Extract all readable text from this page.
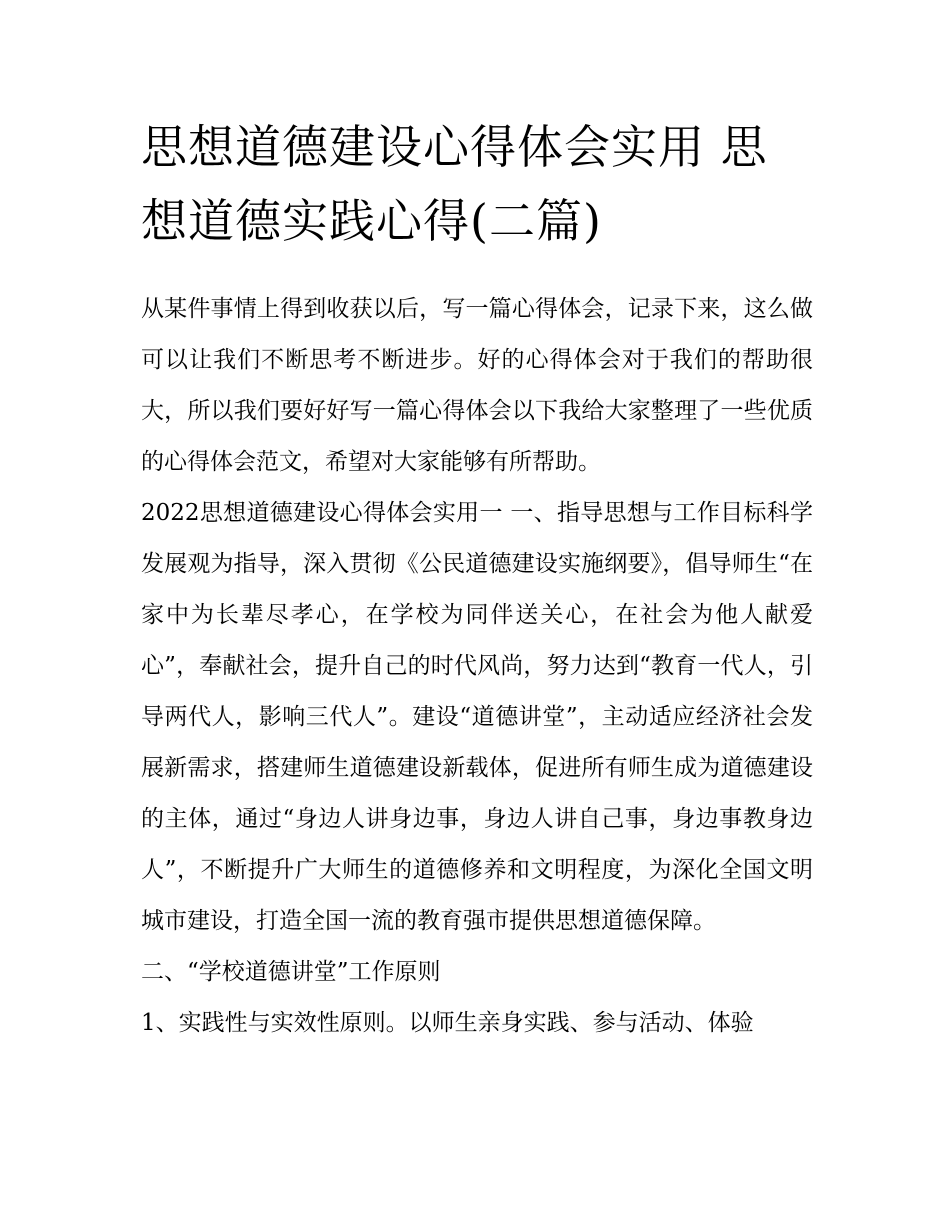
思想道德建设心得体会实用 思想道德实践心得(二篇)

从某件事情上得到收获以后，写一篇心得体会，记录下来，这么做可以让我们不断思考不断进步。好的心得体会对于我们的帮助很大，所以我们要好好写一篇心得体会以下我给大家整理了一些优质的心得体会范文，希望对大家能够有所帮助。

2022思想道德建设心得体会实用一 一、指导思想与工作目标科学发展观为指导，深入贯彻《公民道德建设实施纲要》，倡导师生“在家中为长辈尽孝心，在学校为同伴送关心，在社会为他人献爱心”，奉献社会，提升自己的时代风尚，努力达到“教育一代人，引导两代人，影响三代人”。建设“道德讲堂”，主动适应经济社会发展新需求，搭建师生道德建设新载体，促进所有师生成为道德建设的主体，通过“身边人讲身边事，身边人讲自己事，身边事教身边人”，不断提升广大师生的道德修养和文明程度，为深化全国文明城市建设，打造全国一流的教育强市提供思想道德保障。

二、“学校道德讲堂”工作原则

1、实践性与实效性原则。以师生亲身实践、参与活动、体验
